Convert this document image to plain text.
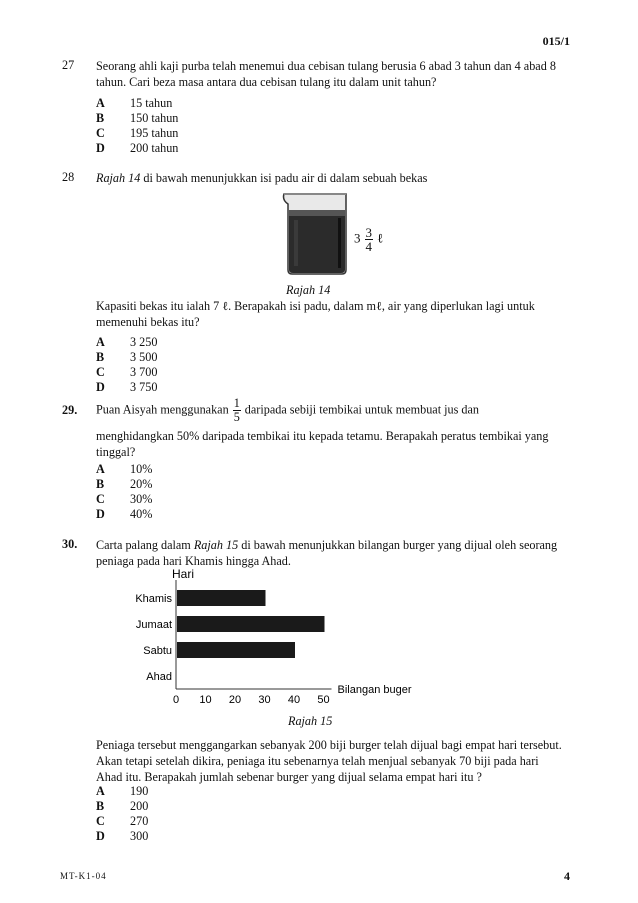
015/1
27 Seorang ahli kaji purba telah menemui dua cebisan tulang berusia 6 abad 3 tahun dan 4 abad 8 tahun. Cari beza masa antara dua cebisan tulang itu dalam unit tahun?
A 15 tahun
B 150 tahun
C 195 tahun
D 200 tahun
28 Rajah 14 di bawah menunjukkan isi padu air di dalam sebuah bekas
$3 \frac{3}{4}$ ℓ
Rajah 14
Kapasiti bekas itu ialah 7 ℓ. Berapakah isi padu, dalam mℓ, air yang diperlukan lagi untuk memenuhi bekas itu?
A 3 250
B 3 500
C 3 700
D 3 750
29. Puan Aisyah menggunakan $\frac{1}{5}$ daripada sebiji tembikai untuk membuat jus dan
menghidangkan 50% daripada tembikai itu kepada tetamu. Berapakah peratus tembikai yang tinggal?
A 10%
B 20%
C 30%
D 40%
30. Carta palang dalam Rajah 15 di bawah menunjukkan bilangan burger yang dijual oleh seorang peniaga pada hari Khamis hingga Ahad.
Hari
Bilangan buger
Khamis
Jumaat
Sabtu
Ahad
0 10 20 30 40 50
Rajah 15
Peniaga tersebut menggangarkan sebanyak 200 biji burger telah dijual bagi empat hari tersebut. Akan tetapi setelah dikira, peniaga itu sebenarnya telah menjual sebanyak 70 biji pada hari Ahad itu. Berapakah jumlah sebenar burger yang dijual selama empat hari itu ?
A 190
B 200
C 270
D 300
MT-K1-04	4
